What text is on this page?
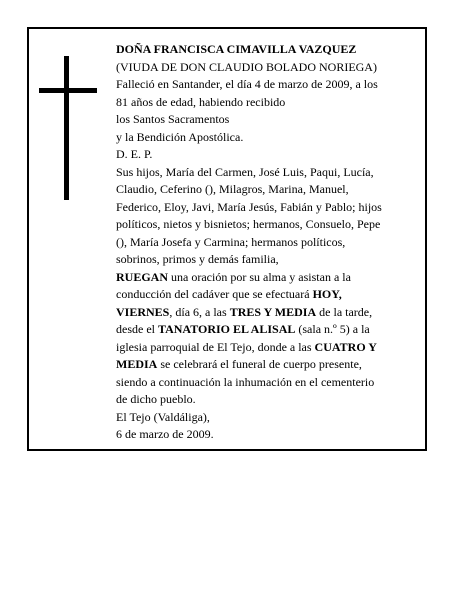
DOÑA FRANCISCA CIMAVILLA VAZQUEZ
(VIUDA DE DON CLAUDIO BOLADO NORIEGA)
Falleció en Santander, el día 4 de marzo de 2009, a los
81 años de edad, habiendo recibido
los Santos Sacramentos
y la Bendición Apostólica.
D. E. P.
Sus hijos, María del Carmen, José Luis, Paqui, Lucía,
Claudio, Ceferino (), Milagros, Marina, Manuel,
Federico, Eloy, Javi, María Jesús, Fabián y Pablo; hijos
políticos, nietos y bisnietos; hermanos, Consuelo, Pepe
(), María Josefa y Carmina; hermanos políticos,
sobrinos, primos y demás familia,
RUEGAN una oración por su alma y asistan a la
conducción del cadáver que se efectuará HOY,
VIERNES, día 6, a las TRES Y MEDIA de la tarde,
desde el TANATORIO EL ALISAL (sala n.º 5) a la
iglesia parroquial de El Tejo, donde a las CUATRO Y
MEDIA se celebrará el funeral de cuerpo presente,
siendo a continuación la inhumación en el cementerio
de dicho pueblo.
El Tejo (Valdáliga),
6 de marzo de 2009.
